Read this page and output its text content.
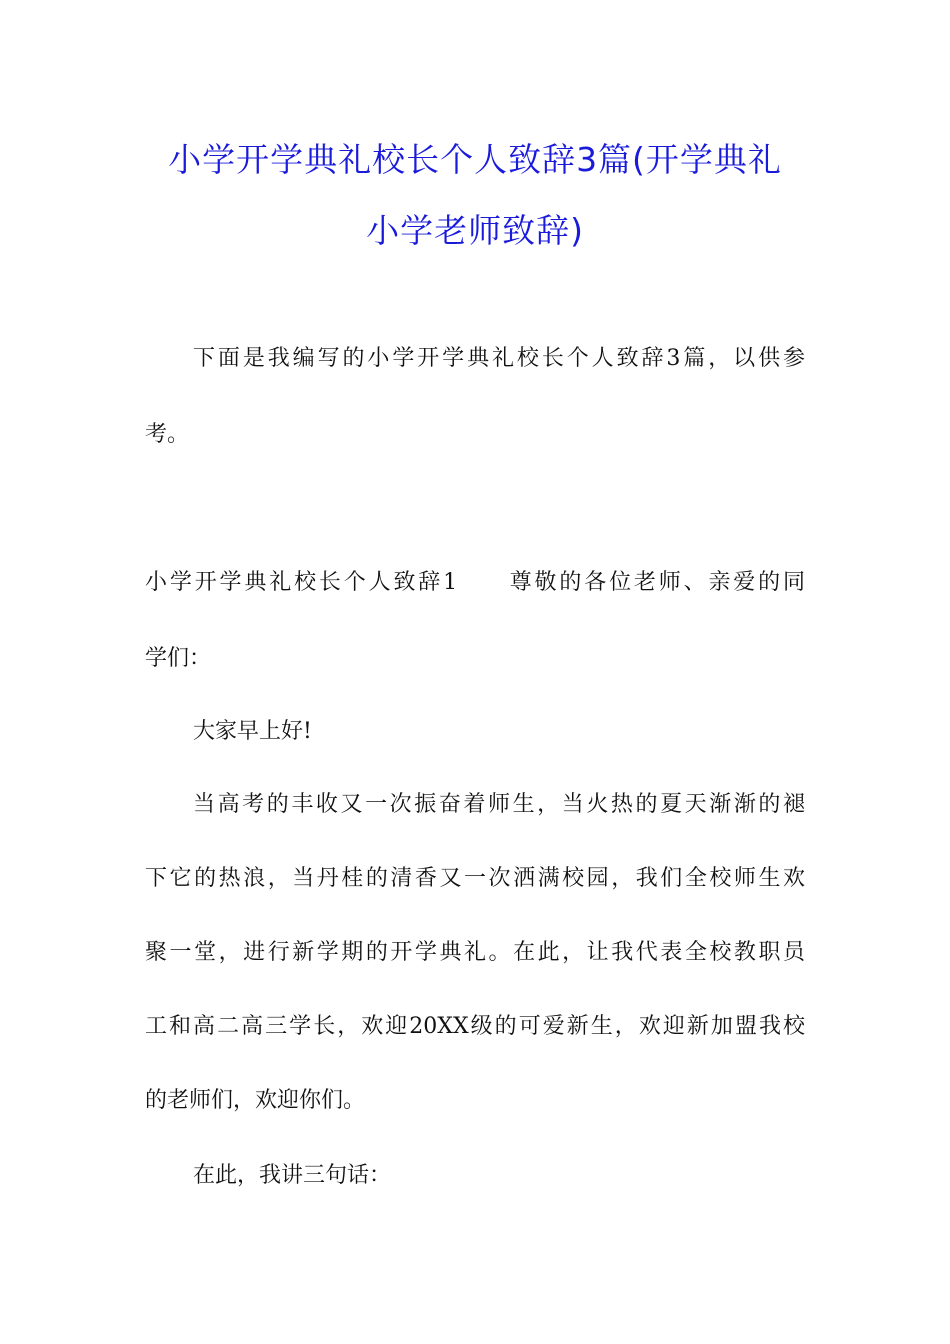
小学开学典礼校长个人致辞3篇(开学典礼
小学老师致辞)
下面是我编写的小学开学典礼校长个人致辞3篇，以供参
考。
小学开学典礼校长个人致辞1　　尊敬的各位老师、亲爱的同
学们：
大家早上好!
当高考的丰收又一次振奋着师生，当火热的夏天渐渐的褪
下它的热浪，当丹桂的清香又一次洒满校园，我们全校师生欢
聚一堂，进行新学期的开学典礼。在此，让我代表全校教职员
工和高二高三学长，欢迎20XX级的可爱新生，欢迎新加盟我校
的老师们，欢迎你们。
在此，我讲三句话：
